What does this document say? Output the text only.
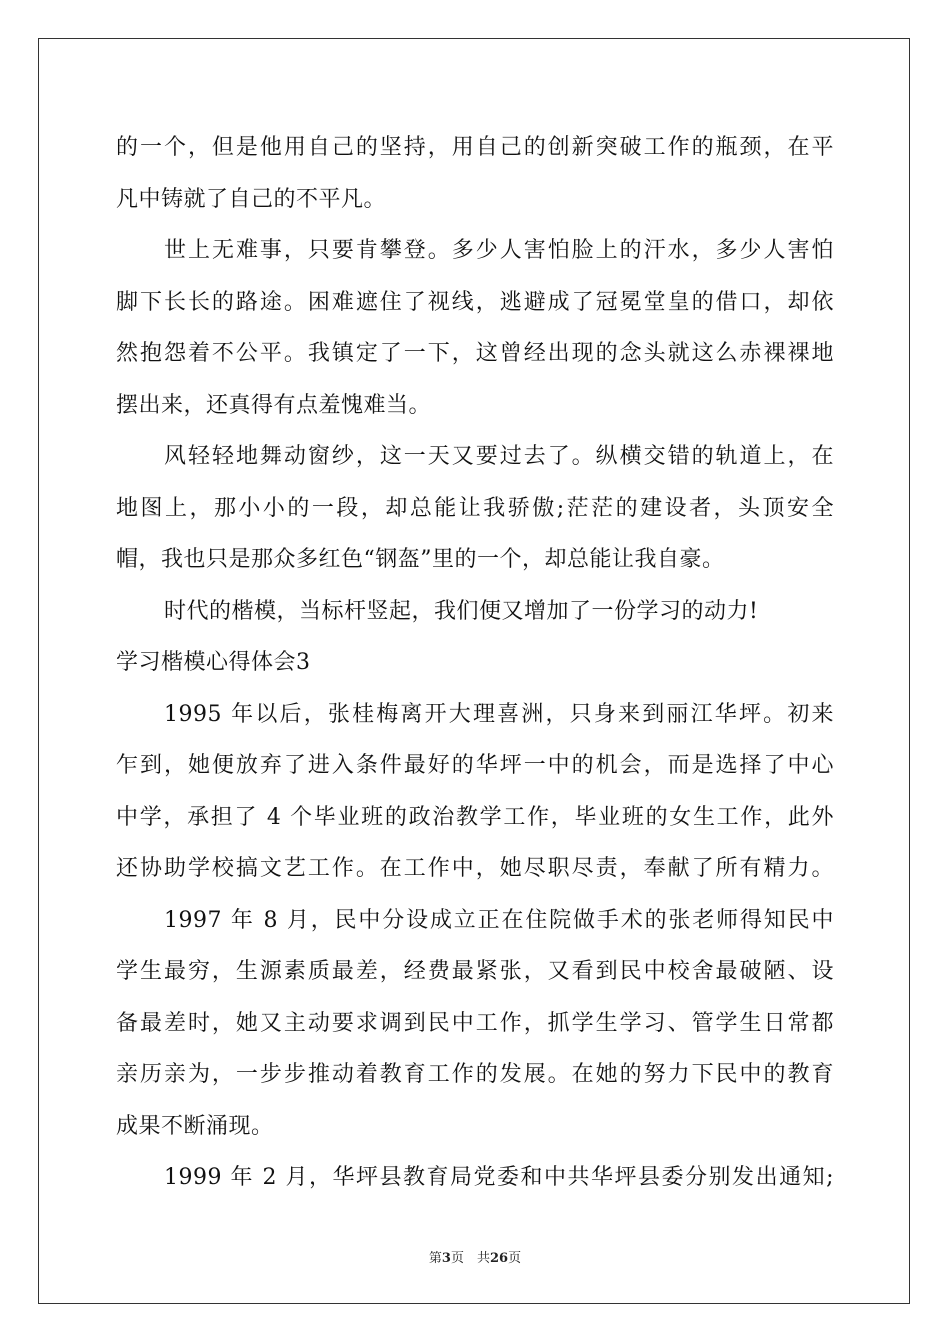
的一个，但是他用自己的坚持，用自己的创新突破工作的瓶颈，在平
凡中铸就了自己的不平凡。
世上无难事，只要肯攀登。多少人害怕脸上的汗水，多少人害怕
脚下长长的路途。困难遮住了视线，逃避成了冠冕堂皇的借口，却依
然抱怨着不公平。我镇定了一下，这曾经出现的念头就这么赤裸裸地
摆出来，还真得有点羞愧难当。
风轻轻地舞动窗纱，这一天又要过去了。纵横交错的轨道上，在
地图上，那小小的一段，却总能让我骄傲;茫茫的建设者，头顶安全
帽，我也只是那众多红色“钢盔”里的一个，却总能让我自豪。
时代的楷模，当标杆竖起，我们便又增加了一份学习的动力!
学习楷模心得体会3
1995 年以后，张桂梅离开大理喜洲，只身来到丽江华坪。初来
乍到，她便放弃了进入条件最好的华坪一中的机会，而是选择了中心
中学，承担了 4 个毕业班的政治教学工作，毕业班的女生工作，此外
还协助学校搞文艺工作。在工作中，她尽职尽责，奉献了所有精力。
1997 年 8 月，民中分设成立正在住院做手术的张老师得知民中
学生最穷，生源素质最差，经费最紧张，又看到民中校舍最破陋、设
备最差时，她又主动要求调到民中工作，抓学生学习、管学生日常都
亲历亲为，一步步推动着教育工作的发展。在她的努力下民中的教育
成果不断涌现。
1999 年 2 月，华坪县教育局党委和中共华坪县委分别发出通知;
第3页　共26页
